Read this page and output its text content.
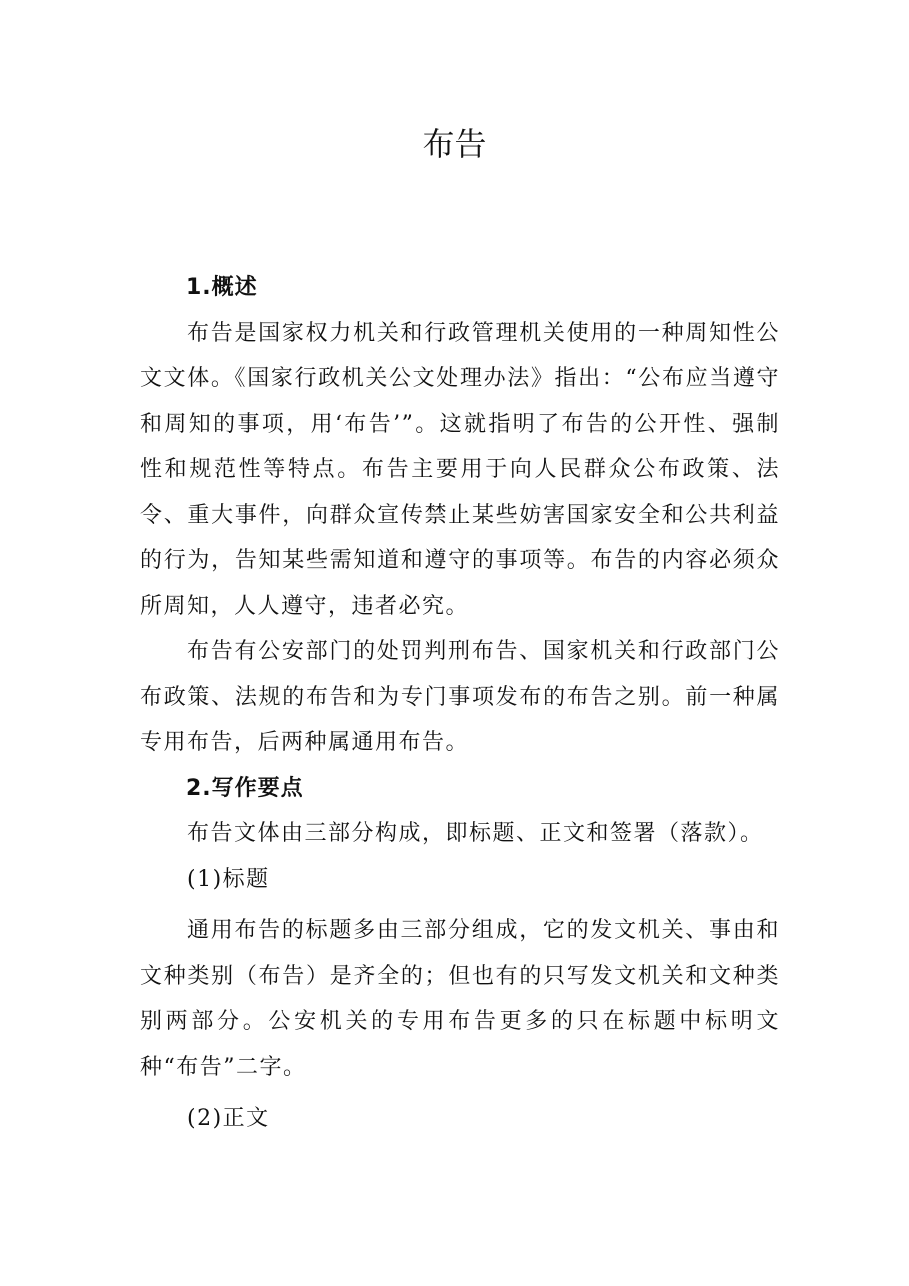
布告

1.概述

布告是国家权力机关和行政管理机关使用的一种周知性公文文体。《国家行政机关公文处理办法》指出：“公布应当遵守和周知的事项，用‘布告’”。这就指明了布告的公开性、强制性和规范性等特点。布告主要用于向人民群众公布政策、法令、重大事件，向群众宣传禁止某些妨害国家安全和公共利益的行为，告知某些需知道和遵守的事项等。布告的内容必须众所周知，人人遵守，违者必究。

布告有公安部门的处罚判刑布告、国家机关和行政部门公布政策、法规的布告和为专门事项发布的布告之别。前一种属专用布告，后两种属通用布告。

2.写作要点

布告文体由三部分构成，即标题、正文和签署（落款）。

(1)标题

通用布告的标题多由三部分组成，它的发文机关、事由和文种类别（布告）是齐全的；但也有的只写发文机关和文种类别两部分。公安机关的专用布告更多的只在标题中标明文种“布告”二字。

(2)正文
